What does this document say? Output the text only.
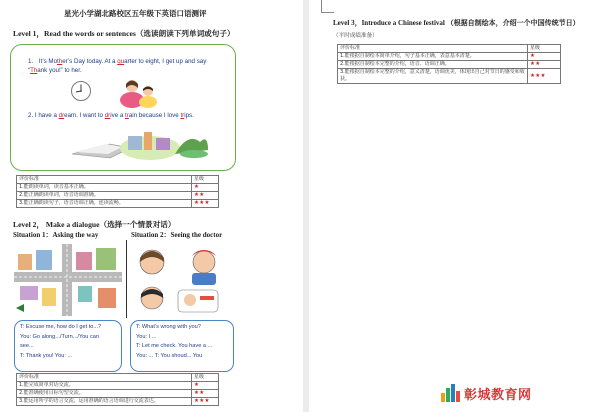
星光小学湖北路校区五年级下英语口语测评
Level 1，Read the words or sentences（选读朗读下列单词或句子）
1. It’s Mother’s Day today. At a quarter to eight, I get up and say
“Thank you!” to her.
2. I have a dream. I want to drive a train because I love trips.
评价标准	星级
1.能朗读单词，读音基本正确。	★
2.能正确朗读单词，语音语调准确。	★★
3.能正确朗读句子，语音语调正确，连读流畅。	★★★
Level 2， Make a dialogue（选择一个情景对话）
Situation 1：Asking the way	Situation 2：Seeing the doctor
T: Excuse me, how do I get to...?
You: Go along.../Turn.../You can
see...
T: Thank you! You: ...
T: What’s wrong with you?
You: I ...
T: Let me check. You have a ...
You: ... T: You shoud... You
评价标准	星级
1.能完成简单对话交流。	★
2.能准确使用目标句型交流。	★★
3.能运用所学的语言交流，运用准确的语言语调进行交流表达。	★★★
Level 3，Introduce a Chinese festival （根据自制绘本，介绍一个中国传统节日）
（平时成绩准备）
评价标准	星级
1.能根据自制绘本简单介绍，句子基本正确，表意基本清楚。	★
2.能根据自制绘本完整的介绍，语音、语调正确。	★★
3.能根据自制绘本完整的介绍，意义清楚，语调优美，体现出自己对节日的感受和收获。	★★★
彰城教育网
